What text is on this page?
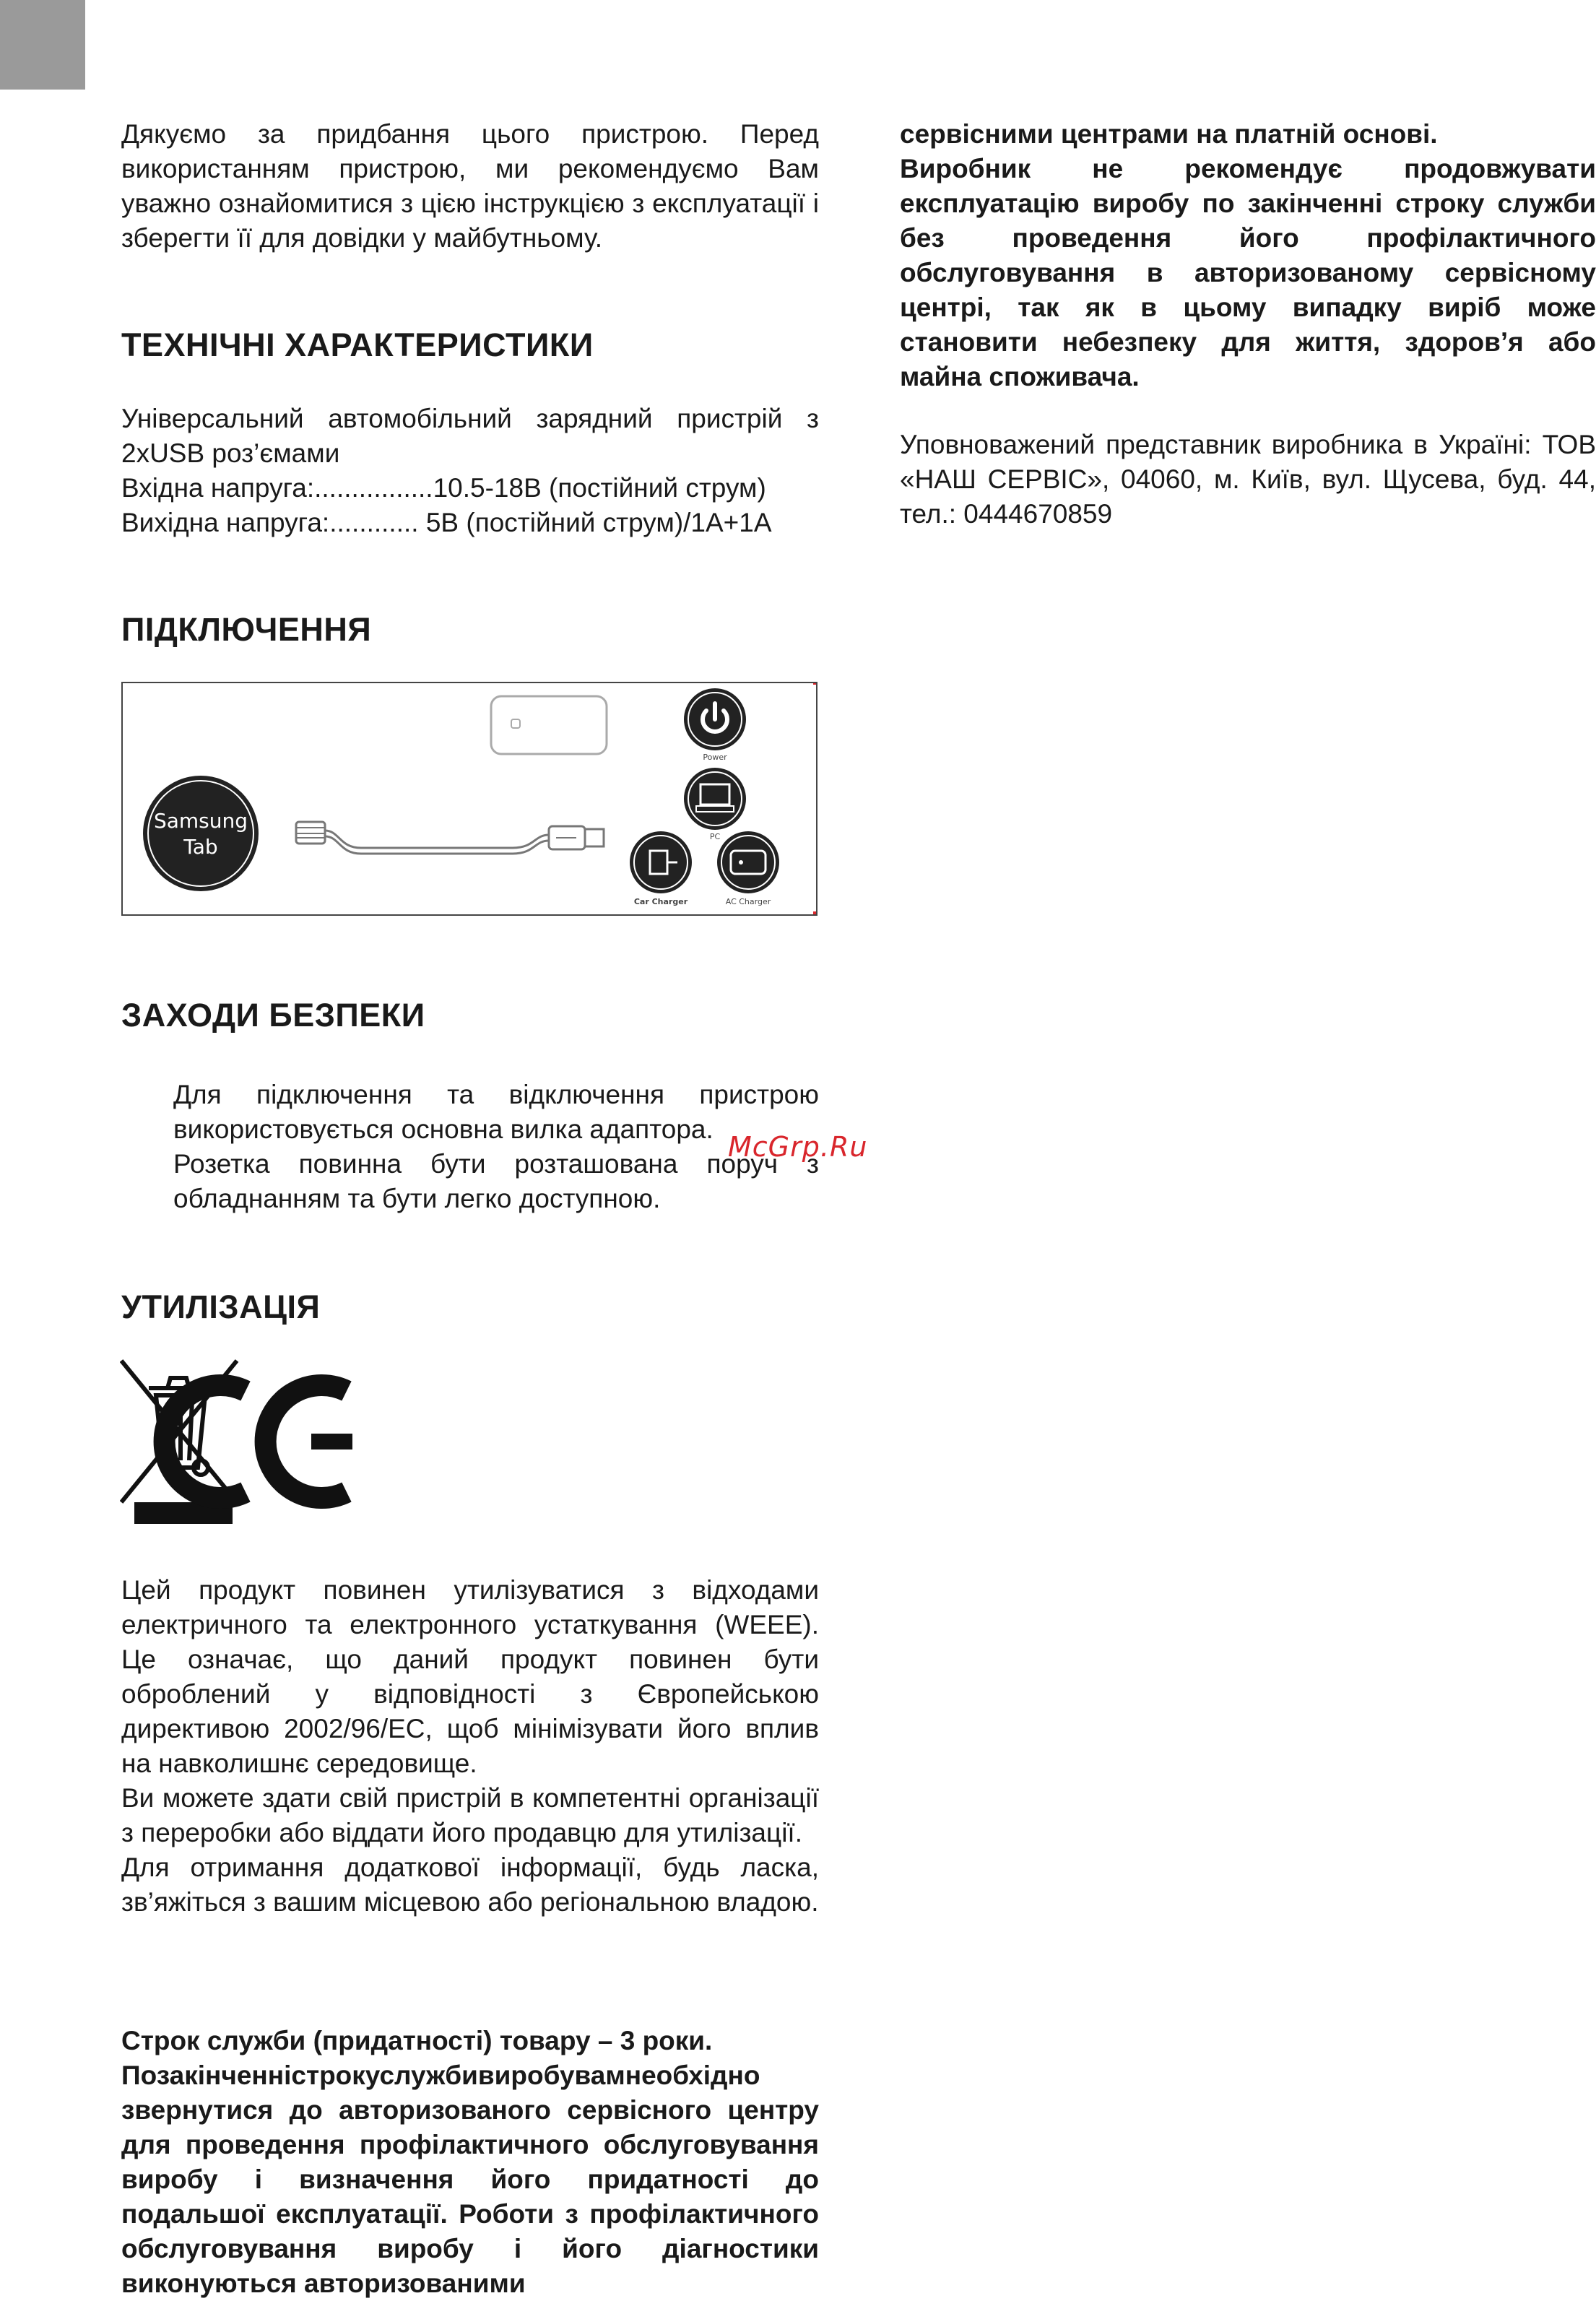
Дякуємо за придбання цього пристрою. Перед використанням пристрою, ми рекомендуємо Вам уважно ознайомитися з цією інструкцією з експлуатації і зберегти її для довідки у майбутньому.

ТЕХНІЧНІ ХАРАКТЕРИСТИКИ

Універсальний автомобільний зарядний пристрій з 2xUSB роз’ємами

Вхідна напруга:................10.5-18В (постійний струм)
Вихідна напруга:............ 5В (постійний струм)/1А+1А
ПІДКЛЮЧЕННЯ
Samsung
Tab
Power
PC
Car Charger	AC Charger
ЗАХОДИ БЕЗПЕКИ

Для підключення та відключення пристрою використовується основна вилка адаптора.

Розетка повинна бути розташована поруч з обладнанням та бути легко доступною.

McGrp.Ru
УТИЛІЗАЦІЯ

Цей продукт повинен утилізуватися з відходами електричного та електронного устаткування (WEEE). Це означає, що даний продукт повинен бути оброблений у відповідності з Європейською директивою 2002/96/ЕС, щоб мінімізувати його вплив на навколишнє середовище.

Ви можете здати свій пристрій в компетентні організації з переробки або віддати його продавцю для утилізації.

Для отримання додаткової інформації, будь ласка, зв’яжіться з вашим місцевою або регіональною владою.

Строк служби (придатності) товару – 3 роки.

Позакінченністрокуслужбивиробувамнеобхідно звернутися до авторизованого сервісного центру для проведення профілактичного обслуговування виробу і визначення його придатності до подальшої експлуатації. Роботи з профілактичного обслуговування виробу і його діагностики виконуються авторизованими

сервісними центрами на платній основі.

Виробник не рекомендує продовжувати експлуатацію виробу по закінченні строку служби без проведення його профілактичного обслуговування в авторизованому сервісному центрі, так як в цьому випадку виріб може становити небезпеку для життя, здоров’я або майна споживача.

Уповноважений представник виробника в Україні: ТОВ «НАШ СЕРВІС», 04060, м. Київ, вул. Щусева, буд. 44, тел.: 0444670859
